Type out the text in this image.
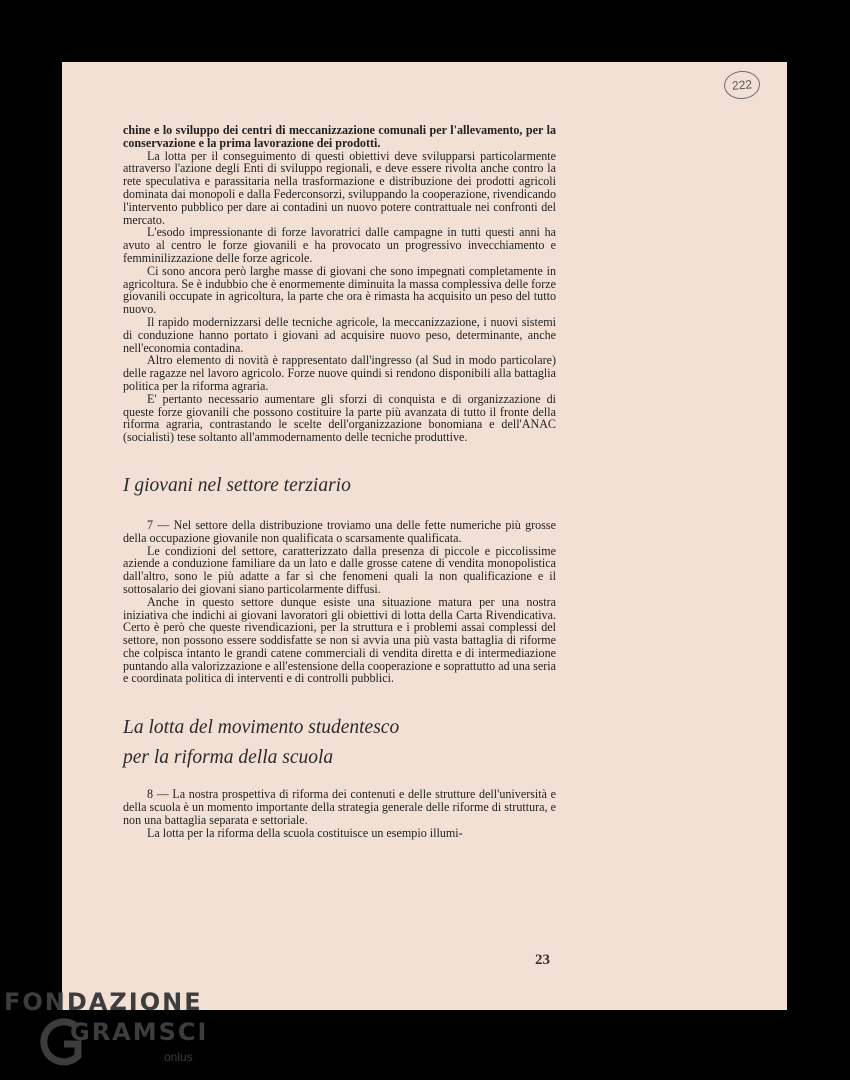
222

chine e lo sviluppo dei centri di meccanizzazione comunali per l'allevamento, per la conservazione e la prima lavorazione dei prodotti.

La lotta per il conseguimento di questi obiettivi deve svilupparsi particolarmente attraverso l'azione degli Enti di sviluppo regionali, e deve essere rivolta anche contro la rete speculativa e parassitaria nella trasformazione e distribuzione dei prodotti agricoli dominata dai monopoli e dalla Federconsorzi, sviluppando la cooperazione, rivendicando l'intervento pubblico per dare ai contadini un nuovo potere contrattuale nei confronti del mercato.

L'esodo impressionante di forze lavoratrici dalle campagne in tutti questi anni ha avuto al centro le forze giovanili e ha provocato un progressivo invecchiamento e femminilizzazione delle forze agricole.

Ci sono ancora però larghe masse di giovani che sono impegnati completamente in agricoltura. Se è indubbio che è enormemente diminuita la massa complessiva delle forze giovanili occupate in agricoltura, la parte che ora è rimasta ha acquisito un peso del tutto nuovo.

Il rapido modernizzarsi delle tecniche agricole, la meccanizzazione, i nuovi sistemi di conduzione hanno portato i giovani ad acquisire nuovo peso, determinante, anche nell'economia contadina.

Altro elemento di novità è rappresentato dall'ingresso (al Sud in modo particolare) delle ragazze nel lavoro agricolo. Forze nuove quindi si rendono disponibili alla battaglia politica per la riforma agraria.

E' pertanto necessario aumentare gli sforzi di conquista e di organizzazione di queste forze giovanili che possono costituire la parte più avanzata di tutto il fronte della riforma agraria, contrastando le scelte dell'organizzazione bonomiana e dell'ANAC (socialisti) tese soltanto all'ammodernamento delle tecniche produttive.

I giovani nel settore terziario

7 — Nel settore della distribuzione troviamo una delle fette numeriche più grosse della occupazione giovanile non qualificata o scarsamente qualificata.

Le condizioni del settore, caratterizzato dalla presenza di piccole e piccolissime aziende a conduzione familiare da un lato e dalle grosse catene di vendita monopolistica dall'altro, sono le più adatte a far sì che fenomeni quali la non qualificazione e il sottosalario dei giovani siano particolarmente diffusi.

Anche in questo settore dunque esiste una situazione matura per una nostra iniziativa che indichi ai giovani lavoratori gli obiettivi di lotta della Carta Rivendicativa. Certo è però che queste rivendicazioni, per la struttura e i problemi assai complessi del settore, non possono essere soddisfatte se non si avvia una più vasta battaglia di riforme che colpisca intanto le grandi catene commerciali di vendita diretta e di intermediazione puntando alla valorizzazione e all'estensione della cooperazione e soprattutto ad una seria e coordinata politica di interventi e di controlli pubblici.

La lotta del movimento studentesco
per la riforma della scuola

8 — La nostra prospettiva di riforma dei contenuti e delle strutture dell'università e della scuola è un momento importante della strategia generale delle riforme di struttura, e non una battaglia separata e settoriale.

La lotta per la riforma della scuola costituisce un esempio illumi-

23
FONDAZIONE
GRAMSCI
onlus
